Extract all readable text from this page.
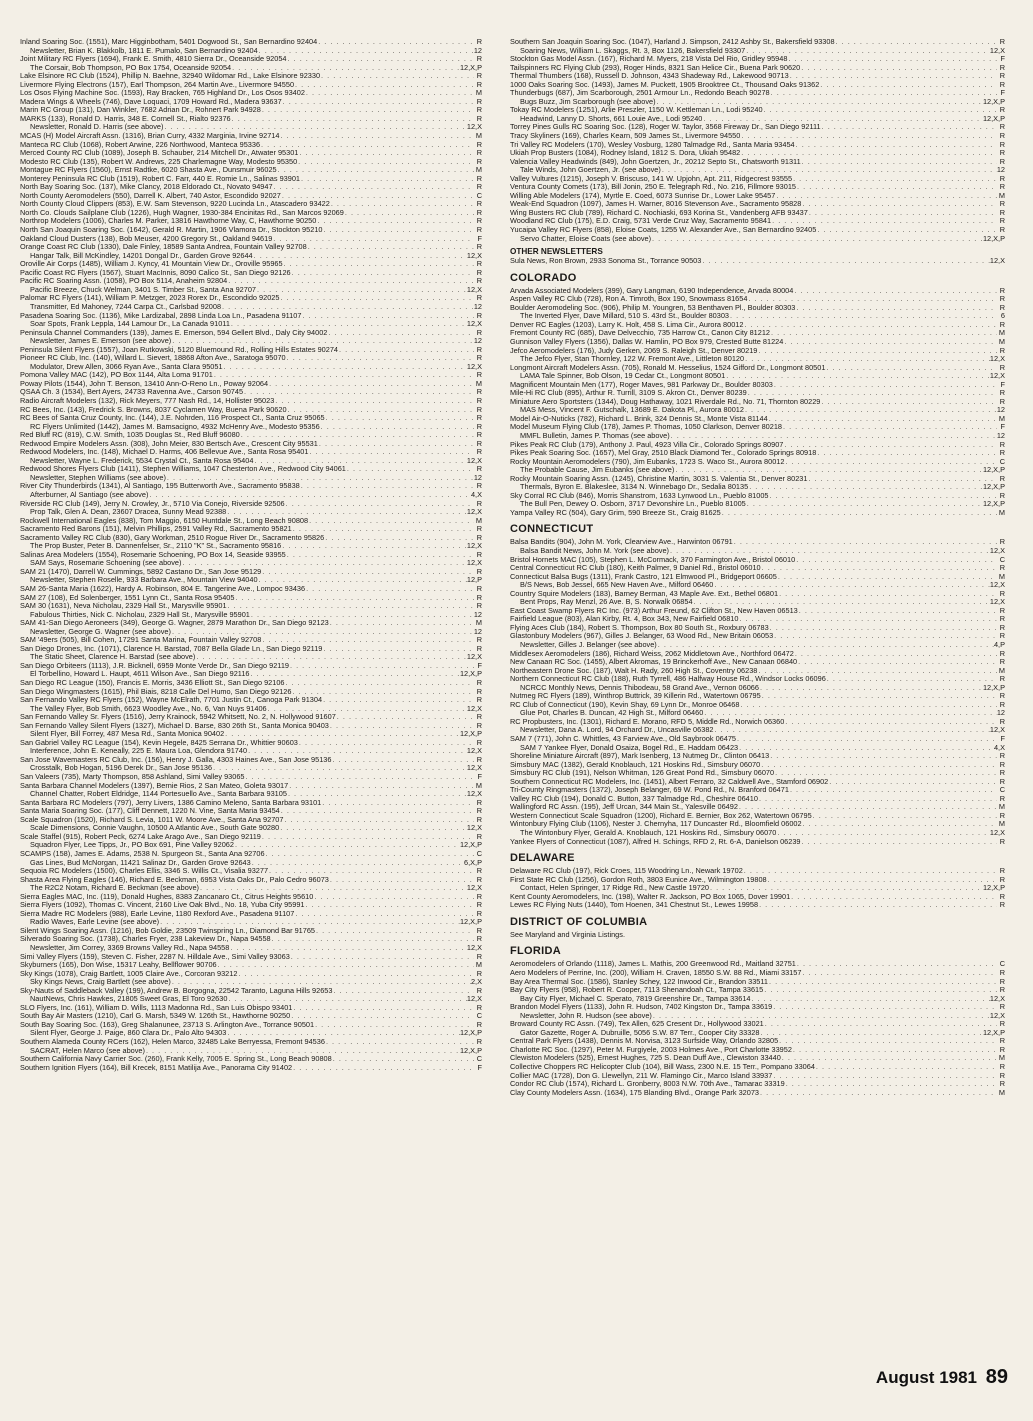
Inland Soaring Soc. (1551), Marc Higginbotham, 5401 Dogwood St., San Bernardino 92404 . . .	R
Newsletter, Brian K. Blakkolb, 1811 E. Pumalo, San Bernardino 92404 . . .	12
Joint Military RC Flyers (1694), Frank E. Smith, 4810 Sierra Dr., Oceanside 92054 . . .	R
The Corsair, Bob Thompson, PO Box 1754, Oceanside 92054 . . .	12,X,P
Lake Elsinore RC Club (1524), Phillip N. Baehne, 32940 Wildomar Rd., Lake Elsinore 92330 . . .	R
Livermore Flying Electrons (157), Earl Thompson, 264 Martin Ave., Livermore 94550 . . .	R
Los Osos Flying Machine Soc. (1593), Ray Bracken, 765 Highland Dr., Los Osos 93402 . . .	M
Madera Wings & Wheels (746), Dave Loquaci, 1709 Howard Rd., Madera 93637 . . .	R
Marin RC Group (131), Dan Winkler, 7682 Adrian Dr., Rohnert Park 94928 . . .	R
MARKS (133), Ronald D. Harris, 348 E. Cornell St., Rialto 92376 . . .	R
Newsletter, Ronald D. Harris (see above) . . .	12,X
MCAS (H) Model Aircraft Assn. (1316), Brian Curry, 4332 Marginia, Irvine 92714 . . .	M
Manteca RC Club (1068), Robert Arwine, 226 Northwood, Manteca 95336 . . .	R
Merced County RC Club (1089), Joseph B. Schauber, 214 Mitchell Dr., Atwater 95301 . . .	R
Modesto RC Club (135), Robert W. Andrews, 225 Charlemagne Way, Modesto 95350 . . .	R
Montague RC Flyers (1560), Ernst Radtke, 6020 Shasta Ave., Dunsmuir 96025 . . .	M
Monterey Peninsula RC Club (1519), Robert C. Farr, 440 E. Romie Ln., Salinas 93901 . . .	R
North Bay Soaring Soc. (137), Mike Clancy, 2018 Eldorado Ct., Novato 94947 . . .	R
North County Aeromodelers (550), Darrell K. Albert, 740 Astor, Escondido 92027 . . .	C
North County Cloud Clippers (853), E.W. Sam Stevenson, 9220 Lucinda Ln., Atascadero 93422 . . .	R
North Co. Clouds Sailplane Club (1226), Hugh Wagner, 1930-384 Encinitas Rd., San Marcos 92069 . . .	R
Northrop Modelers (1006), Charles M. Parker, 13816 Hawthorne Way, C, Hawthorne 90250 . . .	R
North San Joaquin Soaring Soc. (1642), Gerald R. Martin, 1906 Vlamora Dr., Stockton 95210 . . .	R
Oakland Cloud Dusters (138), Bob Meuser, 4200 Gregory St., Oakland 94619 . . .	F
Orange Coast RC Club (1330), Dale Finley, 18589 Santa Andrea, Fountain Valley 92708 . . .	R
Hangar Talk, Bill McKindley, 14201 Dongal Dr., Garden Grove 92644 . . .	12,X
Oroville Air Corps (1485), William J. Kyncy, 41 Mountain View Dr., Oroville 95965 . . .	R
Pacific Coast RC Flyers (1567), Stuart MacInnis, 8090 Calico St., San Diego 92126 . . .	R
Pacific RC Soaring Assn. (1058), PO Box 5114, Anaheim 92804 . . .	R
Pacific Breeze, Chuck Welman, 3401 S. Timber St., Santa Ana 92707 . . .	12,X
Palomar RC Flyers (141), William P. Metzger, 2023 Rorex Dr., Escondido 92025 . . .	R
Transmitter, Ed Mahoney, 7244 Carpa Ct., Carlsbad 92008 . . .	12
Pasadena Soaring Soc. (1136), Mike Lardizabal, 2898 Linda Loa Ln., Pasadena 91107 . . .	R
Soar Spots, Frank Leppla, 144 Lamour Dr., La Canada 91011 . . .	12,X
Peninsula Channel Commanders (139), James E. Emerson, 594 Gellert Blvd., Daly City 94002 . . .	R
Newsletter, James E. Emerson (see above) . . .	12
Peninsula Silent Flyers (1557), Joan Rutkowski, 5120 Bluemound Rd., Rolling Hills Estates 90274 . . .	R
Pioneer RC Club, Inc. (140), Willard L. Sievert, 18868 Afton Ave., Saratoga 95070 . . .	R
Modulator, Drew Allen, 3066 Ryan Ave., Santa Clara 95051 . . .	12,X
Pomona Valley MAC (142), PO Box 1144, Alta Loma 91701 . . .	R
Poway Pilots (1544), John T. Benson, 13410 Ann-O-Reno Ln., Poway 92064 . . .	M
QSAA Ch. 3 (1534), Bert Ayers, 24733 Ravenna Ave., Carson 90745 . . .	R
Radio Aircraft Modelers (132), Rick Meyers, 777 Nash Rd., 14, Hollister 95023 . . .	R
RC Bees, Inc. (143), Fredrick S. Browns, 8037 Cyclamen Way, Buena Park 90620 . . .	R
RC Bees of Santa Cruz County, Inc. (144), J.E. Nohrden, 116 Prospect Ct., Santa Cruz 95065 . . .	R
RC Flyers Unlimited (1442), James M. Bamsacigno, 4932 McHenry Ave., Modesto 95356 . . .	R
Red Bluff RC (819), C.W. Smith, 1035 Douglas St., Red Bluff 96080 . . .	R
Redwood Empire Modelers Assn. (308), John Meier, 830 Bertsch Ave., Crescent City 95531 . . .	R
Redwood Modelers, Inc. (148), Michael D. Harms, 406 Bellevue Ave., Santa Rosa 95401 . . .	R
Newsletter, Wayne L. Frederick, 5534 Crystal Ct., Santa Rosa 95404 . . .	12,X
Redwood Shores Flyers Club (1411), Stephen Williams, 1047 Chesterton Ave., Redwood City 94061 . . .	R
Newsletter, Stephen Williams (see above) . . .	12
River City Thunderbirds (1341), Al Santiago, 195 Butterworth Ave., Sacramento 95838 . . .	R
Afterburner, Al Santiago (see above) . . .	4,X
Riverside RC Club (149), Jerry N. Crowley, Jr., 5710 Via Conejo, Riverside 92506 . . .	R
Prop Talk, Glen A. Dean, 23607 Dracea, Sunny Mead 92388 . . .	12,X
Rockwell International Eagles (838), Tom Maggio, 6150 Huntdale St., Long Beach 90808 . . .	M
Sacramento Red Barons (151), Melvin Phillips, 2591 Valley Rd., Sacramento 95821 . . .	R
Sacramento Valley RC Club (830), Gary Workman, 2510 Rogue River Dr., Sacramento 95826 . . .	R
The Prop Buster, Peter B. Dannenfelser, Sr., 2110 "K" St., Sacramento 95816 . . .	12,X
Salinas Area Modelers (1554), Rosemarie Schoening, PO Box 14, Seaside 93955 . . .	R
SAM Says, Rosemarie Schoening (see above) . . .	12,X
SAM 21 (1470), Darrell W. Cummings, 5892 Castano Dr., San Jose 95129 . . .	R
Newsletter, Stephen Roselle, 933 Barbara Ave., Mountain View 94040 . . .	12,P
SAM 26-Santa Maria (1622), Hardy A. Robinson, 804 E. Tangerine Ave., Lompoc 93436 . . .	R
SAM 27 (108), Ed Solenberger, 1551 Lynn Ct., Santa Rosa 95405 . . .	R
SAM 30 (1631), Neva Nicholau, 2329 Hall St., Marysville 95901 . . .	R
Fabulous Thirties, Nick C. Nicholau, 2329 Hall St., Marysville 95901 . . .	12
SAM 41-San Diego Aeroneers (349), George G. Wagner, 2879 Marathon Dr., San Diego 92123 . . .	M
Newsletter, George G. Wagner (see above) . . .	12
SAM '49ers (505), Bill Cohen, 17291 Santa Marina, Fountain Valley 92708 . . .	R
San Diego Drones, Inc. (1071), Clarence H. Barstad, 7087 Bella Glade Ln., San Diego 92119 . . .	R
The Static Sheet, Clarence H. Barstad (see above) . . .	12,X
San Diego Orbiteers (1113), J.R. Bicknell, 6959 Monte Verde Dr., San Diego 92119 . . .	F
El Torbellino, Howard L. Haupt, 4611 Wilson Ave., San Diego 92116 . . .	12,X,P
San Diego RC League (150), Francis E. Morris, 3436 Elliott St., San Diego 92106 . . .	R
San Diego Wingmasters (1615), Phil Biais, 8218 Calle Del Humo, San Diego 92126 . . .	R
San Fernando Valley RC Flyers (152), Wayne McElrath, 7701 Justin Ct., Canoga Park 91304 . . .	R
The Valley Flyer, Bob Smith, 6623 Woodley Ave., No. 6, Van Nuys 91406 . . .	12,X
San Fernando Valley Sr. Flyers (1516), Jerry Krainock, 5942 Whitsett, No. 2, N. Hollywood 91607 . . .	R
San Fernando Valley Silent Flyers (1327), Michael D. Barse, 830 26th St., Santa Monica 90403 . . .	R
Silent Flyer, Bill Forrey, 487 Mesa Rd., Santa Monica 90402 . . .	12,X,P
San Gabriel Valley RC League (154), Kevin Hegele, 8425 Serrana Dr., Whittier 90603 . . .	R
Interference, John E. Keneally, 225 E. Maura Loa, Glendora 91740 . . .	12,X
San Jose Wavemasters RC Club, Inc. (156), Henry J. Galla, 4303 Haines Ave., San Jose 95136 . . .	R
Crosstalk, Bob Hogan, 5196 Derek Dr., San Jose 95136 . . .	12,X
San Valeers (735), Marty Thompson, 858 Ashland, Simi Valley 93065 . . .	F
Santa Barbara Channel Modelers (1397), Bernie Rios, 2 San Mateo, Goleta 93017 . . .	M
Channel Chatter, Robert Eldridge, 1144 Portesuello Ave., Santa Barbara 93105 . . .	12,X
Santa Barbara RC Modelers (797), Jerry Livers, 1386 Camino Meleno, Santa Barbara 93101 . . .	R
Santa Maria Soaring Soc. (177), Cliff Dennett, 1220 N. Vine, Santa Maria 93454 . . .	R
Scale Squadron (1520), Richard S. Levia, 1011 W. Moore Ave., Santa Ana 92707 . . .	R
Scale Dimensions, Connie Vaughn, 10500 A Atlantic Ave., South Gate 90280 . . .	12,X
Scale Staffel (915), Robert Peck, 6274 Lake Arago Ave., San Diego 92119 . . .	R
Squadron Flyer, Lee Tipps, Jr., PO Box 691, Pine Valley 92062 . . .	12,X,P
SCAMPS (158), James E. Adams, 2538 N. Spurgeon St., Santa Ana 92706 . . .	C
Gas Lines, Bud McNorgan, 11421 Salinaz Dr., Garden Grove 92643 . . .	6,X,P
Sequoia RC Modelers (1500), Charles Ellis, 3346 S. Willis Ct., Visalia 93277 . . .	R
Shasta Area Flying Eagles (146), Richard E. Beckman, 6953 Vista Oaks Dr., Palo Cedro 96073 . . .	R
The R2C2 Notam, Richard E. Beckman (see above) . . .	12,X
Sierra Eagles MAC, Inc. (119), Donald Hughes, 8383 Zancanaro Ct., Citrus Heights 95610 . . .	R
Sierra Flyers (1092), Thomas C. Vincent, 2160 Live Oak Blvd., No. 18, Yuba City 95991 . . .	R
Sierra Madre RC Modelers (988), Earle Levine, 1180 Rexford Ave., Pasadena 91107 . . .	R
Radio Waves, Earle Levine (see above) . . .	12,X,P
Silent Wings Soaring Assn. (1216), Bob Goldie, 23509 Twinspring Ln., Diamond Bar 91765 . . .	R
Silverado Soaring Soc. (1738), Charles Fryer, 238 Lakeview Dr., Napa 94558 . . .	R
Newsletter, Jim Correy, 3369 Browns Valley Rd., Napa 94558 . . .	12,X
Simi Valley Flyers (159), Steven C. Fisher, 2287 N. Hilldale Ave., Simi Valley 93063 . . .	R
Skyburners (165), Don Wise, 15317 Leahy, Bellflower 90706 . . .	M
Sky Kings (1078), Craig Bartlett, 1005 Claire Ave., Corcoran 93212 . . .	R
Sky Kings News, Craig Bartlett (see above) . . .	2,X
Sky-Nauts of Saddleback Valley (199), Andrew B. Borgogna, 22542 Taranto, Laguna Hills 92653 . . .	R
NautNews, Chris Hawkes, 21805 Sweet Gras, El Toro 92630 . . .	12,X
SLO Flyers, Inc. (161), William D. Wills, 1113 Madonna Rd., San Luis Obispo 93401 . . .	R
South Bay Air Masters (1210), Carl G. Marsh, 5349 W. 126th St., Hawthorne 90250 . . .	C
South Bay Soaring Soc. (163), Greg Shalanunee, 23713 S. Arlington Ave., Torrance 90501 . . .	R
Silent Flyer, George J. Paige, 860 Clara Dr., Palo Alto 94303 . . .	12,X,P
Southern Alameda County RCers (162), Helen Marco, 32485 Lake Berryessa, Fremont 94536 . . .	R
SACRAT, Helen Marco (see above) . . .	12,X,P
Southern California Navy Carrier Soc. (260), Frank Kelly, 7005 E. Spring St., Long Beach 90808 . . .	C
Southern Ignition Flyers (164), Bill Krecek, 8151 Matilija Ave., Panorama City 91402 . . .	F
Southern San Joaquin Soaring Soc. (1047), Harland J. Simpson, 2412 Ashby St., Bakersfield 93308 . . .	R
Soaring News, William L. Skaggs, Rt. 3, Box 1126, Bakersfield 93307 . . .	12,X
Stockton Gas Model Assn. (167), Richard M. Myers, 218 Vista Del Rio, Gridley 95948 . . .	F
Tailspinners RC Flying Club (293), Roger Hinds, 8321 San Helice Cir., Buena Park 90620 . . .	R
Thermal Thumbers (168), Russell D. Johnson, 4343 Shadeway Rd., Lakewood 90713 . . .	R
1000 Oaks Soaring Soc. (1493), James M. Puckett, 1905 Brooktree Ct., Thousand Oaks 91362 . . .	R
Thunderbugs (687), Jim Scarborough, 2501 Armour Ln., Redondo Beach 90278 . . .	F
Bugs Buzz, Jim Scarborough (see above) . . .	12,X,P
Tokay RC Modelers (1251), Arlie Preszler, 1150 W. Kettleman Ln., Lodi 95240 . . .	R
Headwind, Lanny D. Shorts, 661 Louie Ave., Lodi 95240 . . .	12,X,P
Torrey Pines Gulls RC Soaring Soc. (128), Roger W. Taylor, 3568 Fireway Dr., San Diego 92111 . . .	R
Tracy Skyliners (169), Charles Kearn, 509 James St., Livermore 94550 . . .	R
Tri Valley RC Modelers (170), Wesley Vosburg, 1280 Talmadge Rd., Santa Maria 93454 . . .	R
Ukiah Prop Busters (1084), Rodney Island, 1812 S. Dora, Ukiah 95482 . . .	R
Valencia Valley Headwinds (849), John Goertzen, Jr., 20212 Septo St., Chatsworth 91311 . . .	R
Tale Winds, John Goertzen, Jr. (see above) . . .	12
Valley Vultures (1215), Joseph V. Briscuso, 141 W. Upjohn, Apt. 211, Ridgecrest 93555 . . .	R
Ventura County Comets (173), Bill Jonin, 250 E. Telegraph Rd., No. 216, Fillmore 93015 . . .	R
Willing Able Modelers (174), Myrtle E. Coed, 6073 Sunrise Dr., Lower Lake 95457 . . .	M
Weak-End Squadron (1097), James H. Warner, 8016 Stevenson Ave., Sacramento 95828 . . .	R
Wing Busters RC Club (789), Richard C. Nochiaski, 693 Korina St., Vandenberg AFB 93437 . . .	R
Woodland RC Club (175), E.D. Craig, 5731 Verde Cruz Way, Sacramento 95841 . . .	R
Yucaipa Valley RC Flyers (858), Eloise Coats, 1255 W. Alexander Ave., San Bernardino 92405 . . .	R
Servo Chatter, Eloise Coats (see above) . . .	12,X,P
OTHER NEWSLETTERS
Sula News, Ron Brown, 2933 Sonoma St., Torrance 90503 . . .	12,X
COLORADO
Arvada Associated Modelers (399), Gary Langman, 6190 Independence, Arvada 80004 . . .	R
Aspen Valley RC Club (728), Ron A. Timroth, Box 190, Snowmass 81654 . . .	R
Boulder Aeromodeling Soc. (906), Philip M. Youngren, 53 Benthaven Pl., Boulder 80303 . . .	R
The Inverted Flyer, Dave Millard, 510 S. 43rd St., Boulder 80303 . . .	6
Denver RC Eagles (1203), Larry K. Holt, 458 S. Lima Cir., Aurora 80012 . . .	R
Fremont County RC (685), Dave Delvecchio, 735 Harrow Ct., Canon City 81212 . . .	M
Gunnison Valley Flyers (1356), Dallas W. Hamlin, PO Box 979, Crested Butte 81224 . . .	M
Jefco Aeromodelers (176), Judy Gerken, 2069 S. Raleigh St., Denver 80219 . . .	R
The Jefco Flyer, Stan Thornley, 122 W. Fremont Ave., Littleton 80120 . . .	12,X
Longmont Aircraft Modelers Assn. (705), Ronald M. Hesselius, 1524 Gifford Dr., Longmont 80501 . . .	R
LAMA Tale Spinner, Bob Olson, 19 Cedar Ct., Longmont 80501 . . .	12,X
Magnificent Mountain Men (177), Roger Maves, 981 Parkway Dr., Boulder 80303 . . .	F
Mile-Hi RC Club (895), Arthur R. Turrill, 3109 S. Akron Ct., Denver 80239 . . .	R
Miniature Aero Sportsters (1344), Doug Hathaway, 1021 Riverdale Rd., No. 71, Thornton 80229 . . .	R
MAS Mess, Vincent F. Gutschalk, 13689 E. Dakota Pl., Aurora 80012 . . .	12
Model Air-O-Nuticks (782), Richard L. Brink, 324 Dennis St., Monte Vista 81144 . . .	M
Model Museum Flying Club (178), James P. Thomas, 1050 Clarkson, Denver 80218 . . .	F
MMFL Bulletin, James P. Thomas (see above) . . .	12
Pikes Peak RC Club (179), Anthony J. Paul, 4923 Villa Cir., Colorado Springs 80907 . . .	R
Pikes Peak Soaring Soc. (1657), Mel Gray, 2510 Black Diamond Ter., Colorado Springs 80918 . . .	R
Rocky Mountain Aeromodelers (790), Jim Eubanks, 1723 S. Waco St., Aurora 80012 . . .	C
The Probable Cause, Jim Eubanks (see above) . . .	12,X,P
Rocky Mountain Soaring Assn. (1245), Christine Martin, 3031 S. Valentia St., Denver 80231 . . .	R
Thermals, Byron E. Blakeslee, 3134 N. Winnebago Dr., Sedalia 80135 . . .	12,X,P
Sky Corral RC Club (846), Morris Shanstrom, 1633 Lynwood Ln., Pueblo 81005 . . .	R
The Bull Pen, Dewey O. Osborn, 3717 Devonshire Ln., Pueblo 81005 . . .	12,X,P
Yampa Valley RC (504), Gary Grim, 590 Breeze St., Craig 81625 . . .	M
CONNECTICUT
Balsa Bandits (904), John M. York, Clearview Ave., Harwinton 06791 . . .	R
Balsa Bandit News, John M. York (see above) . . .	12,X
Bristol Hornets MAC (105), Stephen L. McCormack, 370 Farmington Ave., Bristol 06010 . . .	C
Central Connecticut RC Club (180), Keith Palmer, 9 Daniel Rd., Bristol 06010 . . .	R
Connecticut Balsa Bugs (1311), Frank Castro, 121 Elmwood Pl., Bridgeport 06605 . . .	M
B/S News, Bob Jessel, 665 New Haven Ave., Milford 06460 . . .	12,X
Country Squire Modelers (183), Barney Berman, 43 Maple Ave. Ext., Bethel 06801 . . .	R
Bent Props, Ray Menzl, 26 Ave. B, S. Norwalk 06854 . . .	12,X
East Coast Swamp Flyers RC Inc. (973) Arthur Freund, 62 Clifton St., New Haven 06513 . . .	R
Fairfield League (803), Alan Kirby, Rt. 4, Box 343, New Fairfield 06810 . . .	R
Flying Aces Club (184), Robert S. Thompson, Box 80 South St., Roxbury 06783 . . .	R
Glastonbury Modelers (967), Gilles J. Belanger, 63 Wood Rd., New Britain 06053 . . .	R
Newsletter, Gilles J. Belanger (see above) . . .	4,P
Middlesex Aeromodelers (186), Richard Weiss, 2062 Middletown Ave., Northford 06472 . . .	R
New Canaan RC Soc. (1455), Albert Akromas, 19 Brinckerhoff Ave., New Canaan 06840 . . .	R
Northeastern Drone Soc. (187), Walt H. Rady, 260 High St., Coventry 06238 . . .	M
Northern Connecticut RC Club (188), Ruth Tyrrell, 486 Halfway House Rd., Windsor Locks 06096 . . .	R
NCRCC Monthly News, Dennis Thibodeau, 58 Grand Ave., Vernon 06066 . . .	12,X,P
Nutmeg RC Flyers (189), Winthrop Buttrick, 39 Killerin Rd., Watertown 06795 . . .	R
RC Club of Connecticut (190), Kevin Shay, 69 Lynn Dr., Monroe 06468 . . .	R
Glue Pot, Charles B. Duncan, 42 High St., Milford 06460 . . .	12
RC Propbusters, Inc. (1301), Richard E. Morano, RFD 5, Middle Rd., Norwich 06360 . . .	R
Newsletter, Dana A. Lord, 94 Orchard Dr., Uncasville 06382 . . .	12,X
SAM 7 (771), John C. Whittles, 43 Farview Ave., Old Saybrook 06475 . . .	F
SAM 7 Yankee Flyer, Donald Osaiza, Bogel Rd., E. Haddam 06423 . . .	4,X
Shoreline Miniature Aircraft (897), Mark Isenberg, 13 Nutmeg Dr., Clinton 06413 . . .	R
Simsbury MAC (1382), Gerald Knoblauch, 121 Hoskins Rd., Simsbury 06070 . . .	R
Simsbury RC Club (191), Nelson Whitman, 126 Great Pond Rd., Simsbury 06070 . . .	R
Southern Connecticut RC Modelers, Inc. (1451), Albert Ferraro, 32 Caldwell Ave., Stamford 06902 . . .	R
Tri-County Ringmasters (1372), Joseph Belanger, 69 W. Pond Rd., N. Branford 06471 . . .	C
Valley RC Club (194), Donald C. Button, 337 Talmadge Rd., Cheshire 06410 . . .	R
Wallingford RC Assn. (195), Jeff Urcan, 344 Main St., Yalesville 06492 . . .	M
Western Connecticut Scale Squadron (1200), Richard E. Bernier, Box 262, Watertown 06795 . . .	R
Wintonbury Flying Club (1106), Nester J. Chernyha, 117 Duncaster Rd., Bloomfield 06002 . . .	M
The Wintonbury Flyer, Gerald A. Knoblauch, 121 Hoskins Rd., Simsbury 06070 . . .	12,X
Yankee Flyers of Connecticut (1087), Alfred H. Schings, RFD 2, Rt. 6-A, Danielson 06239 . . .	R
DELAWARE
Delaware RC Club (197), Rick Croes, 115 Woodring Ln., Newark 19702 . . .	R
First State RC Club (1256), Gordon Roth, 3803 Eunice Ave., Wilmington 19808 . . .	R
Contact, Helen Springer, 17 Ridge Rd., New Castle 19720 . . .	12,X,P
Kent County Aeromodelers, Inc. (198), Walter R. Jackson, PO Box 1065, Dover 19901 . . .	R
Lewes RC Flying Nuts (1440), Tom Hoenen, 341 Chestnut St., Lewes 19958 . . .	R
DISTRICT OF COLUMBIA
See Maryland and Virginia Listings.
FLORIDA
Aeromodelers of Orlando (1118), James L. Mathis, 200 Greenwood Rd., Maitland 32751 . . .	C
Aero Modelers of Perrine, Inc. (200), William H. Craven, 18550 S.W. 88 Rd., Miami 33157 . . .	R
Bay Area Thermal Soc. (1586), Stanley Schey, 122 Inwood Cir., Brandon 33511 . . .	R
Bay City Flyers (958), Robert R. Cooper, 7113 Shenandoah Ct., Tampa 33615 . . .	R
Bay City Flyer, Michael C. Sperato, 7819 Greenshire Dr., Tampa 33614 . . .	12,X
Brandon Model Flyers (1133), John R. Hudson, 7402 Kingston Dr., Tampa 33619 . . .	R
Newsletter, John R. Hudson (see above) . . .	12,X
Broward County RC Assn. (749), Tex Allen, 625 Cresent Dr., Hollywood 33021 . . .	R
Gator Gazette, Roger A. Dubruille, 5056 S.W. 87 Terr., Cooper City 33328 . . .	12,X,P
Central Park Flyers (1438), Dennis M. Norvisa, 3123 Surfside Way, Orlando 32805 . . .	R
Charlotte RC Soc. (1297), Peter M. Furgiyele, 2003 Holmes Ave., Port Charlotte 33952 . . .	R
Clewiston Modelers (525), Ernest Hughes, 725 S. Dean Duff Ave., Clewiston 33440 . . .	M
Collective Choppers RC Helicopter Club (104), Bill Wass, 2300 N.E. 15 Terr., Pompano 33064 . . .	R
Collier MAC (1728), Don G. Llewellyn, 211 W. Flamingo Cir., Marco Island 33937 . . .	R
Condor RC Club (1574), Richard L. Gronberry, 8003 N.W. 70th Ave., Tamarac 33319 . . .	R
Clay County Modelers Assn. (1634), 175 Blanding Blvd., Orange Park 32073 . . .	M
August 1981 89
